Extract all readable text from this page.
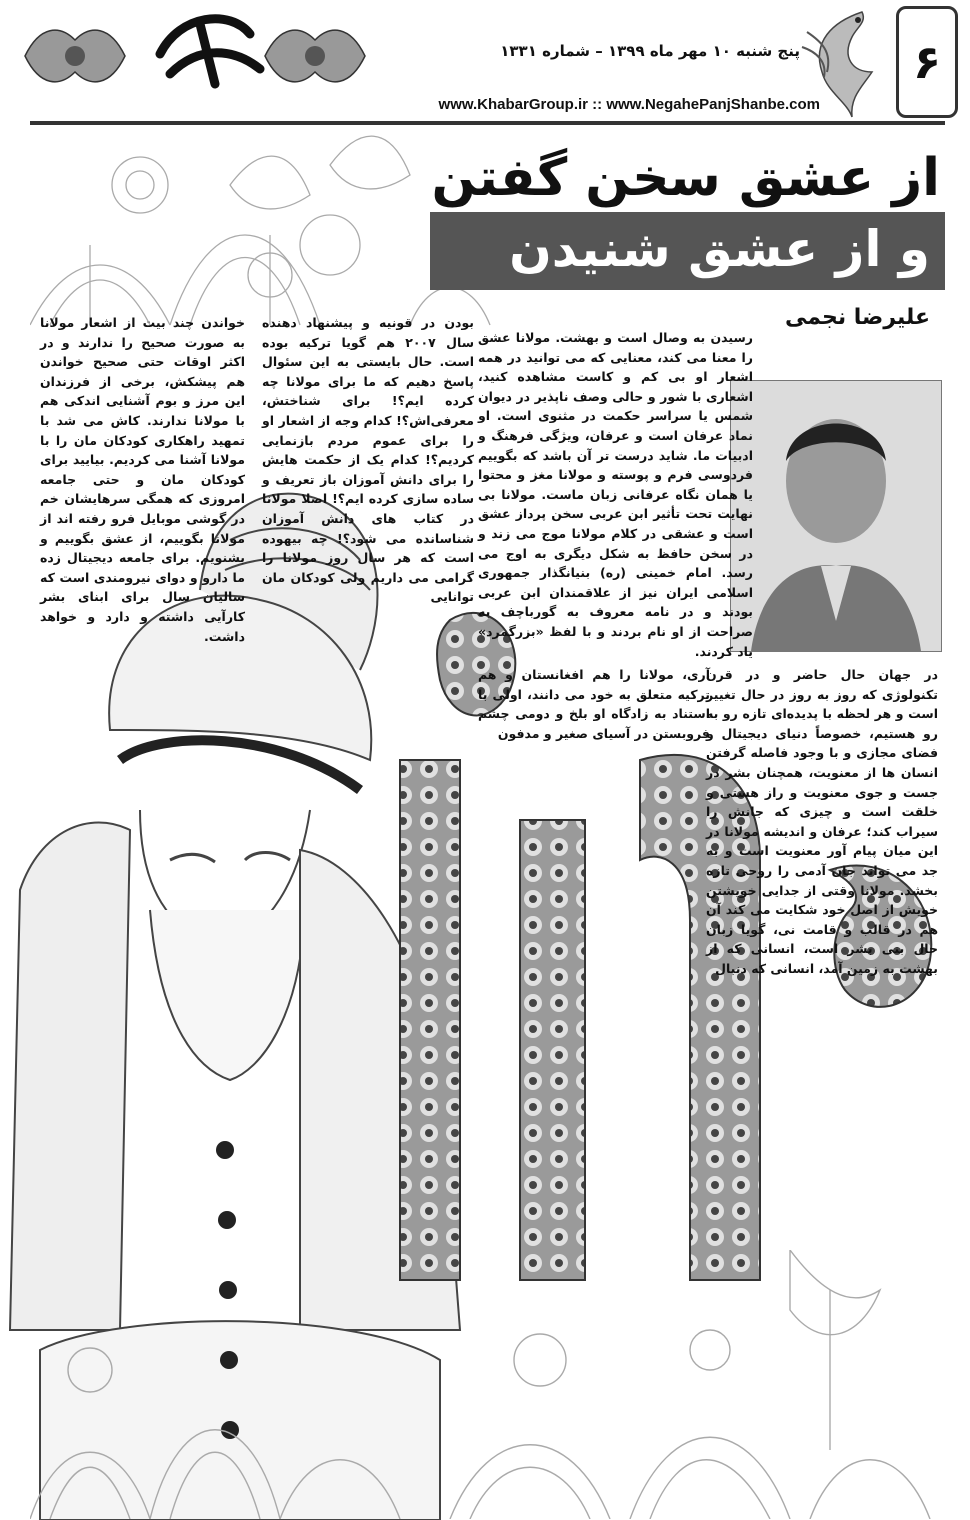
۶
پنج شنبه ۱۰ مهر ماه ۱۳۹۹ – شماره ۱۳۳۱
www.KhabarGroup.ir :: www.NegahePanjShanbe.com
از عشق سخن گفتن
و از عشق شنیدن
علیرضا نجمی
رسیدن به وصال است و بهشت. مولانا عشق را معنا می کند، معنایی که می توانید در همه اشعار او بی کم و کاست مشاهده کنید، اشعاری با شور و حالی وصف ناپذیر در دیوان شمس یا سراسر حکمت در مثنوی است. او نماد عرفان است و عرفان، ویژگی فرهنگ و ادبیات ما. شاید درست تر آن باشد که بگوییم فردوسی فرم و پوسته و مولانا مغز و محتوا یا همان نگاه عرفانی زبان ماست. مولانا بی نهایت تحت تأثیر ابن عربی سخن پرداز عشق است و عشقی در کلام مولانا موج می زند و در سخن حافظ به شکل دیگری به اوج می رسد. امام خمینی (ره) بنیانگذار جمهوری اسلامی ایران نیز از علاقمندان ابن عربی بودند و در نامه معروف به گورباچف به صراحت از او نام بردند و با لفظ «بزرگمرد» یاد کردند.
بودن در قونیه و پیشنهاد دهنده سال ۲۰۰۷ هم گویا ترکیه بوده است. حال بایستی به این سئوال پاسخ دهیم که ما برای مولانا چه کرده ایم؟! برای شناختش، معرفی‌اش؟! کدام وجه از اشعار او را برای عموم مردم بازنمایی کردیم؟! کدام یک از حکمت هایش را برای دانش آموزان باز تعریف و ساده سازی کرده ایم؟! اصلا مولانا در کتاب های دانش آموزان شناسانده می شود؟! چه بیهوده است که هر سال روز مولانا را گرامی می داریم ولی کودکان مان توانایی
خواندن چند بیت از اشعار مولانا به صورت صحیح را ندارند و در اکثر اوقات حتی صحیح خواندن هم پیشکش، برخی از فرزندان این مرز و بوم آشنایی اندکی هم با مولانا ندارند. کاش می شد با تمهید راهکاری کودکان مان را با مولانا آشنا می کردیم. بیایید برای کودکان مان و حتی جامعه امروزی که همگی سرهایشان خم در گوشی موبایل فرو رفته اند از مولانا بگوییم، از عشق بگوییم و بشنویم. برای جامعه دیجیتال زده ما دارو و دوای نیرومندی است که سالیان سال برای ابنای بشر کارآیی داشته و دارد و خواهد داشت.
آری، مولانا را هم افغانستان و هم ترکیه متعلق به خود می دانند، اولی با استناد به زادگاه او بلخ و دومی چشم فروبستن در آسیای صغیر و مدفون
در جهان حال حاضر و در قرن تکنولوژی که روز به روز در حال تغییر است و هر لحظه با پدیده‌ای تازه رو به رو هستیم، خصوصاً دنیای دیجیتال و فضای مجازی و با وجود فاصله گرفتن انسان ها از معنویت، همچنان بشر در جست و جوی معنویت و راز هستی و خلقت است و چیزی که جانش را سیراب کند؛ عرفان و اندیشه مولانا در این میان پیام آور معنویت است و به جد می تواند جان آدمی را روحی تازه بخشد. مولانا وقتی از جدایی خویشتن خویش از اصل خود شکایت می کند آن هم در قالب و قامت نی، گویا زبان حال بنی بشر است، انسانی که از بهشت به زمین آمد، انسانی که دنبال
